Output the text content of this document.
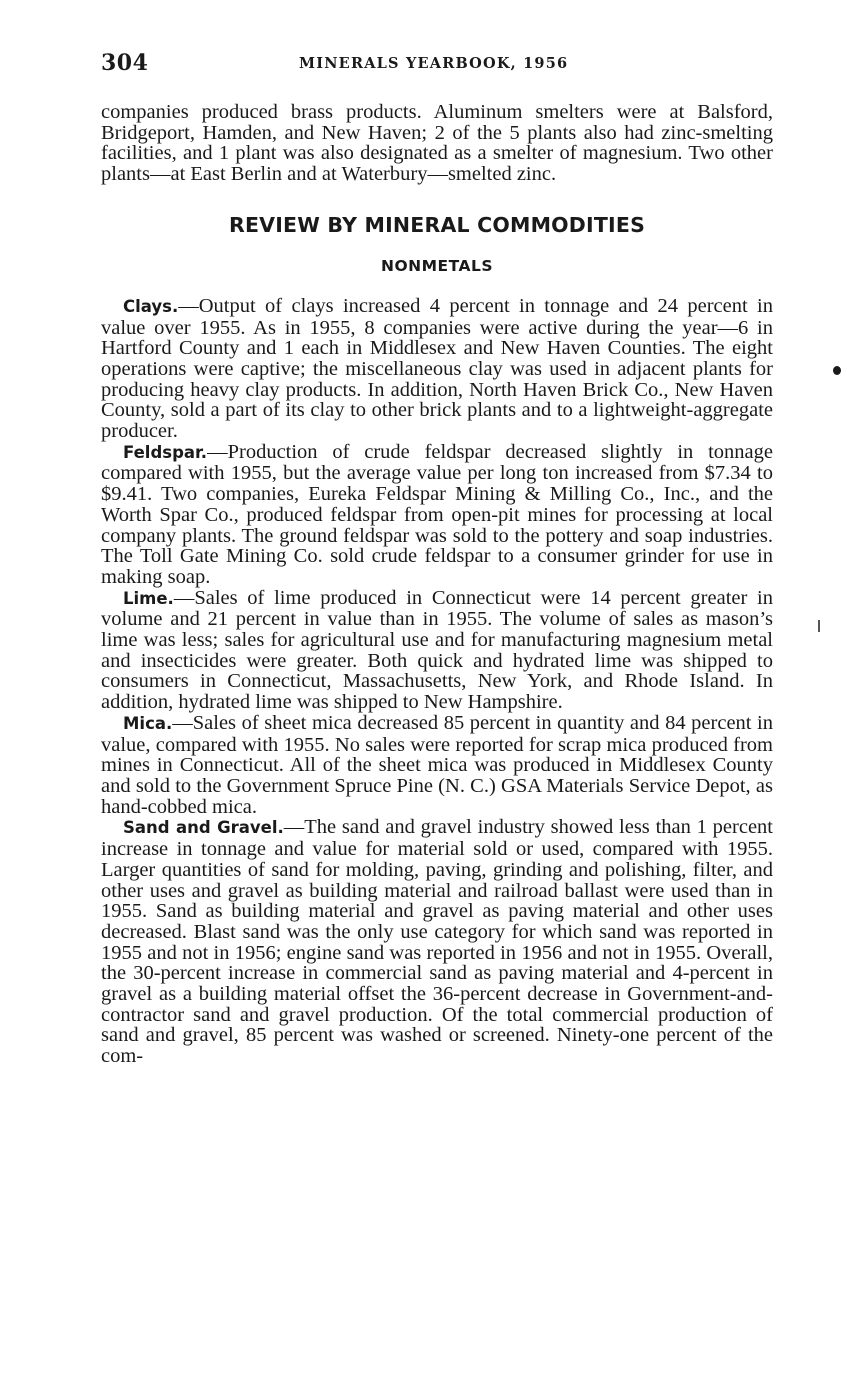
304	MINERALS YEARBOOK, 1956

companies produced brass products. Aluminum smelters were at Balsford, Bridgeport, Hamden, and New Haven; 2 of the 5 plants also had zinc-smelting facilities, and 1 plant was also designated as a smelter of magnesium. Two other plants—at East Berlin and at Waterbury—smelted zinc.

REVIEW BY MINERAL COMMODITIES
NONMETALS

Clays.—Output of clays increased 4 percent in tonnage and 24 percent in value over 1955. As in 1955, 8 companies were active during the year—6 in Hartford County and 1 each in Middlesex and New Haven Counties. The eight operations were captive; the miscellaneous clay was used in adjacent plants for producing heavy clay products. In addition, North Haven Brick Co., New Haven County, sold a part of its clay to other brick plants and to a lightweight-aggregate producer.

Feldspar.—Production of crude feldspar decreased slightly in tonnage compared with 1955, but the average value per long ton increased from $7.34 to $9.41. Two companies, Eureka Feldspar Mining & Milling Co., Inc., and the Worth Spar Co., produced feldspar from open-pit mines for processing at local company plants. The ground feldspar was sold to the pottery and soap industries. The Toll Gate Mining Co. sold crude feldspar to a consumer grinder for use in making soap.

Lime.—Sales of lime produced in Connecticut were 14 percent greater in volume and 21 percent in value than in 1955. The volume of sales as mason’s lime was less; sales for agricultural use and for manufacturing magnesium metal and insecticides were greater. Both quick and hydrated lime was shipped to consumers in Connecticut, Massachusetts, New York, and Rhode Island. In addition, hydrated lime was shipped to New Hampshire.

Mica.—Sales of sheet mica decreased 85 percent in quantity and 84 percent in value, compared with 1955. No sales were reported for scrap mica produced from mines in Connecticut. All of the sheet mica was produced in Middlesex County and sold to the Government Spruce Pine (N. C.) GSA Materials Service Depot, as hand-cobbed mica.

Sand and Gravel.—The sand and gravel industry showed less than 1 percent increase in tonnage and value for material sold or used, compared with 1955. Larger quantities of sand for molding, paving, grinding and polishing, filter, and other uses and gravel as building material and railroad ballast were used than in 1955. Sand as building material and gravel as paving material and other uses decreased. Blast sand was the only use category for which sand was reported in 1955 and not in 1956; engine sand was reported in 1956 and not in 1955. Overall, the 30-percent increase in commercial sand as paving material and 4-percent in gravel as a building material offset the 36-percent decrease in Government-and-contractor sand and gravel production. Of the total commercial production of sand and gravel, 85 percent was washed or screened. Ninety-one percent of the com-
